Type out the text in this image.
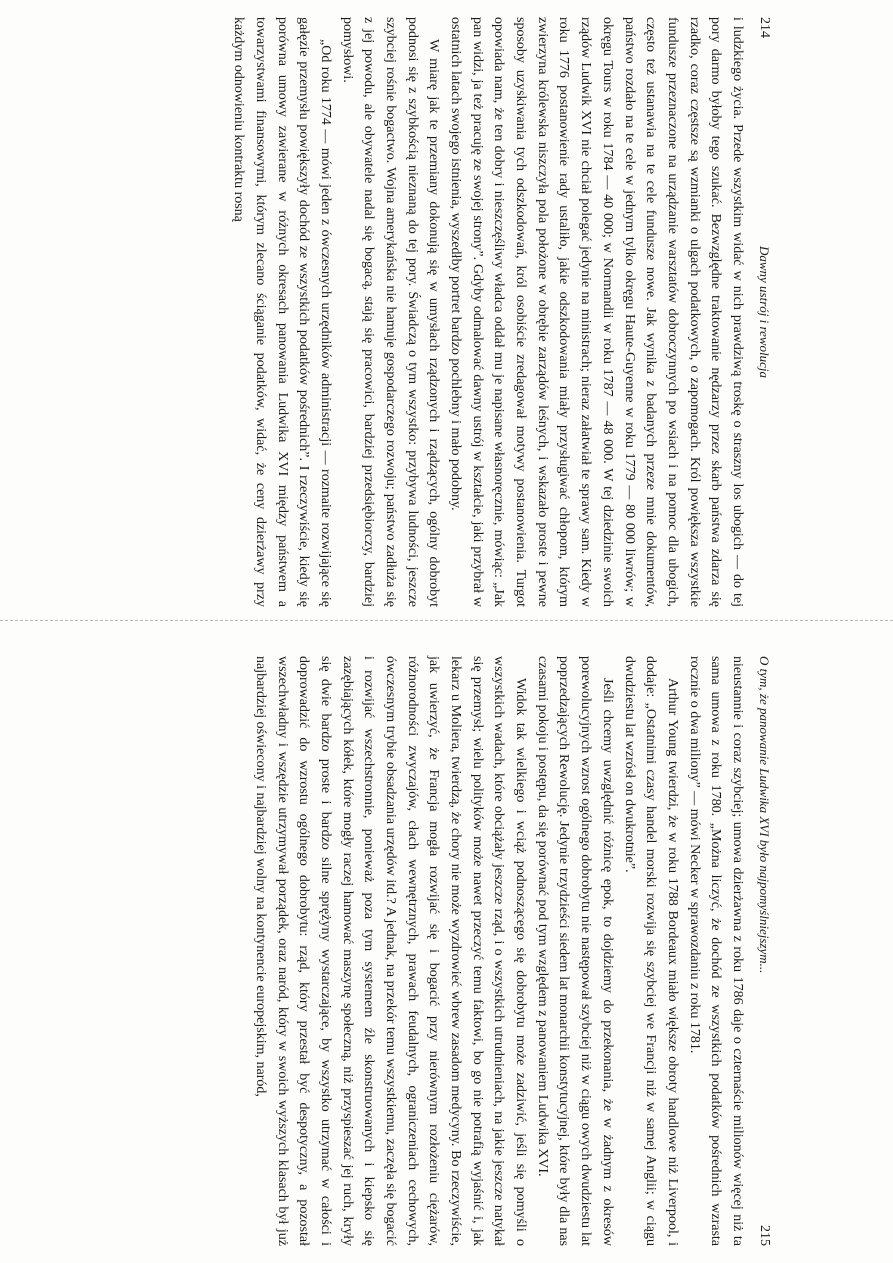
214
Dawny ustrój i rewolucja

i ludzkiego życia. Przede wszystkim widać w nich prawdziwą troskę o straszny los ubogich — do tej pory darmo byłoby tego szukać. Bezwzględne traktowanie nędzarzy przez skarb państwa zdarza się rzadko, coraz częstsze są wzmianki o ulgach podatkowych, o zapomogach. Król powiększa wszystkie fundusze przeznaczone na urządzanie warsztatów dobroczynnych po wsiach i na pomoc dla ubogich, często też ustanawia na te cele fundusze nowe. Jak wynika z badanych przeze mnie dokumentów, państwo rozdało na te cele w jednym tylko okręgu Haute-Guyenne w roku 1779 — 80 000 liwrów; w okręgu Tours w roku 1784 — 40 000; w Normandii w roku 1787 — 48 000. W tej dziedzinie swoich rządów Ludwik XVI nie chciał polegać jedynie na ministrach; nieraz załatwiał te sprawy sam. Kiedy w roku 1776 postanowienie rady ustaliło, jakie odszkodowania miały przysługiwać chłopom, którym zwierzyna królewska niszczyła pola położone w obrębie zarządów leśnych, i wskazało proste i pewne sposoby uzyskiwania tych odszkodowań, król osobiście zredagował motywy postanowienia. Turgot opowiada nam, że ten dobry i nieszczęśliwy władca oddał mu je napisane własnoręcznie, mówiąc: „Jak pan widzi, ja też pracuję ze swojej strony”. Gdyby odmalować dawny ustrój w kształcie, jaki przybrał w ostatnich latach swojego istnienia, wyszedłby portret bardzo pochlebny i mało podobny.

W miarę jak te przemiany dokonują się w umysłach rządzonych i rządzących, ogólny dobrobyt podnosi się z szybkością nieznaną do tej pory. Świadczą o tym wszystko: przybywa ludności, jeszcze szybciej rośnie bogactwo. Wojna amerykańska nie hamuje gospodarczego rozwoju; państwo zadłuża się z jej powodu, ale obywatele nadal się bogacą, stają się pracowici, bardziej przedsiębiorczy, bardziej pomysłowi.

„Od roku 1774 — mówi jeden z ówczesnych urzędników administracji — rozmaite rozwijające się gałęzie przemysłu powiększyły dochód ze wszystkich podatków pośrednich”. I rzeczywiście, kiedy się porówna umowy zawierane w różnych okresach panowania Ludwika XVI między państwem a towarzystwami finansowymi, którym zlecano ściąganie podatków, widać, że ceny dzierżawy przy każdym odnowieniu kontraktu rosną

O tym, że panowanie Ludwika XVI było najpomyślniejszym...
215

nieustannie i coraz szybciej; umowa dzierżawna z roku 1786 daje o czternaście milionów więcej niż ta sama umowa z roku 1780. „Można liczyć, że dochód ze wszystkich podatków pośrednich wzrasta rocznie o dwa miliony” — mówi Necker w sprawozdaniu z roku 1781.

Arthur Young twierdzi, że w roku 1788 Bordeaux miało większe obroty handlowe niż Liverpool, i dodaje: „Ostatnimi czasy handel morski rozwija się szybciej we Francji niż w samej Anglii; w ciągu dwudziestu lat wzrósł on dwukrotnie”.

Jeśli chcemy uwzględnić różnicę epok, to dojdziemy do przekonania, że w żadnym z okresów porewolucyjnych wzrost ogólnego dobrobytu nie następował szybciej niż w ciągu owych dwudziestu lat poprzedzających Rewolucję. Jedynie trzydzieści siedem lat monarchii konstytucyjnej, które były dla nas czasami pokoju i postępu, da się porównać pod tym względem z panowaniem Ludwika XVI.

Widok tak wielkiego i wciąż podnoszącego się dobrobytu może zadziwić, jeśli się pomyśli o wszystkich wadach, które obciążały jeszcze rząd, i o wszystkich utrudnieniach, na jakie jeszcze natykał się przemysł; wielu polityków może nawet przeczyć temu faktowi, bo go nie potrafią wyjaśnić i, jak lekarz u Moliera, twierdzą, że chory nie może wyzdrowieć wbrew zasadom medycyny. Bo rzeczywiście, jak uwierzyć, że Francja mogła rozwijać się i bogacić przy nierównym rozłożeniu ciężarów, różnorodności zwyczajów, cłach wewnętrznych, prawach feudalnych, ograniczeniach cechowych, ówczesnym trybie obsadzania urzędów itd.? A jednak, na przekór temu wszystkiemu, zaczęła się bogacić i rozwijać wszechstronnie, ponieważ poza tym systemem źle skonstruowanych i kiepsko się zazębiających kółek, które mogły raczej hamować maszynę społeczną, niż przyspieszać jej ruch, kryły się dwie bardzo proste i bardzo silne sprężyny wystarczające, by wszystko utrzymać w całości i doprowadzić do wzrostu ogólnego dobrobytu: rząd, który przestał być despotyczny, a pozostał wszechwładny i wszędzie utrzymywał porządek, oraz naród, który w swoich wyższych klasach był już najbardziej oświecony i najbardziej wolny na kontynencie europejskim, naród,
